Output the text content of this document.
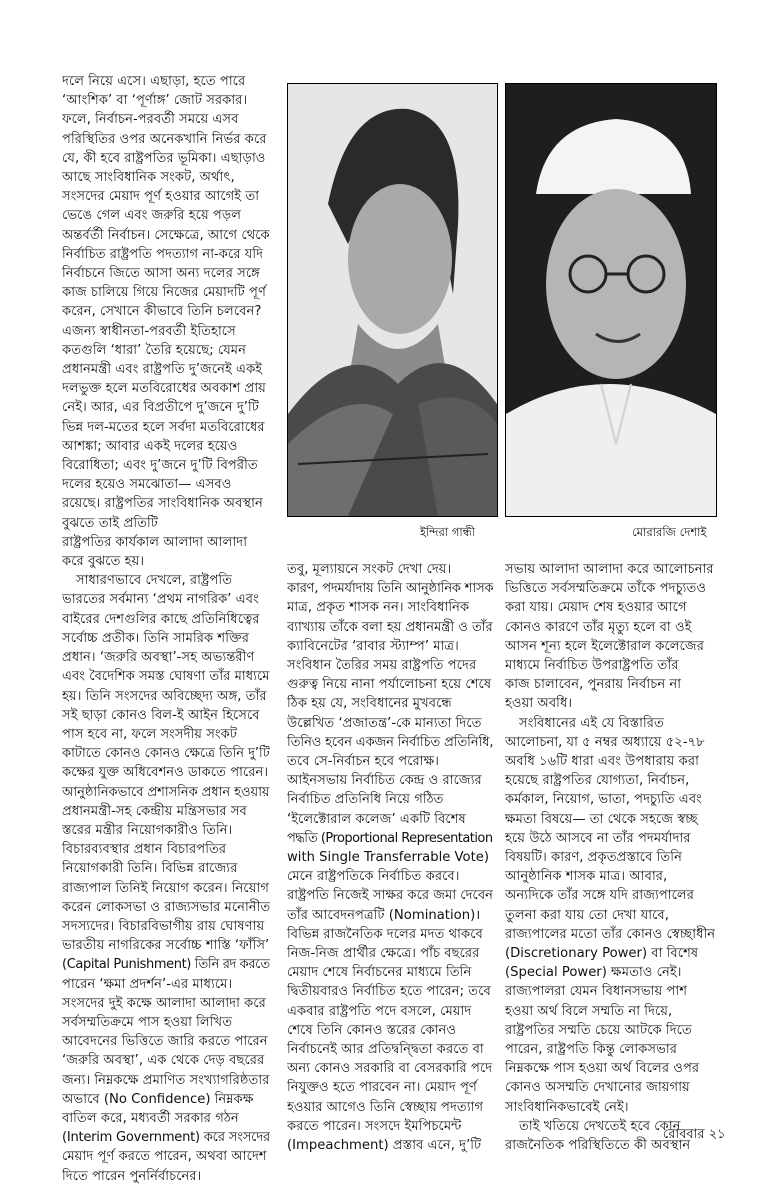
দলে নিয়ে এসে। এছাড়া, হতে পারে
‘আংশিক’ বা ‘পূর্ণাঙ্গ’ জোট সরকার।
ফলে, নির্বাচন-পরবর্তী সময়ে এসব
পরিস্থিতির ওপর অনেকখানি নির্ভর করে
যে, কী হবে রাষ্ট্রপতির ভূমিকা। এছাড়াও
আছে সাংবিধানিক সংকট, অর্থাৎ,
সংসদের মেয়াদ পূর্ণ হওয়ার আগেই তা
ভেঙে গেল এবং জরুরি হয়ে পড়ল
অন্তর্বর্তী নির্বাচন। সেক্ষেত্রে, আগে থেকে
নির্বাচিত রাষ্ট্রপতি পদত্যাগ না-করে যদি
নির্বাচনে জিতে আসা অন্য দলের সঙ্গে
কাজ চালিয়ে গিয়ে নিজের মেয়াদটি পূর্ণ
করেন, সেখানে কীভাবে তিনি চলবেন?
এজন্য স্বাধীনতা-পরবর্তী ইতিহাসে
কতগুলি ‘ধারা’ তৈরি হয়েছে; যেমন
প্রধানমন্ত্রী এবং রাষ্ট্রপতি দু’জনেই একই
দলভুক্ত হলে মতবিরোধের অবকাশ প্রায়
নেই। আর, এর বিপ্রতীপে দু’জনে দু’টি
ভিন্ন দল-মতের হলে সর্বদা মতবিরোধের
আশঙ্কা; আবার একই দলের হয়েও
বিরোধিতা; এবং দু’জনে দু’টি বিপরীত
দলের হয়েও সমঝোতা— এসবও
রয়েছে। রাষ্ট্রপতির সাংবিধানিক অবস্থান
বুঝতে তাই প্রতিটি
রাষ্ট্রপতির কার্যকাল আলাদা আলাদা
করে বুঝতে হয়।
সাধারণভাবে দেখলে, রাষ্ট্রপতি
ভারতের সর্বমান্য ‘প্রথম নাগরিক’ এবং
বাইরের দেশগুলির কাছে প্রতিনিধিত্বের
সর্বোচ্চ প্রতীক। তিনি সামরিক শক্তির
প্রধান। ‘জরুরি অবস্থা’-সহ অভ্যন্তরীণ
এবং বৈদেশিক সমস্ত ঘোষণা তাঁর মাধ্যমে
হয়। তিনি সংসদের অবিচ্ছেদ্য অঙ্গ, তাঁর
সই ছাড়া কোনও বিল-ই আইন হিসেবে
পাস হবে না, ফলে সংসদীয় সংকট
কাটাতে কোনও কোনও ক্ষেত্রে তিনি দু’টি
কক্ষের যুক্ত অধিবেশনও ডাকতে পারেন।
আনুষ্ঠানিকভাবে প্রশাসনিক প্রধান হওয়ায়
প্রধানমন্ত্রী-সহ কেন্দ্রীয় মন্ত্রিসভার সব
স্তরের মন্ত্রীর নিয়োগকারীও তিনি।
বিচারব্যবস্থার প্রধান বিচারপতির
নিয়োগকারী তিনি। বিভিন্ন রাজ্যের
রাজ্যপাল তিনিই নিয়োগ করেন। নিয়োগ
করেন লোকসভা ও রাজ্যসভার মনোনীত
সদস্যদের। বিচারবিভাগীয় রায় ঘোষণায়
ভারতীয় নাগরিকের সর্বোচ্চ শাস্তি ‘ফাঁসি’
(Capital Punishment) তিনি রদ করতে
পারেন ‘ক্ষমা প্রদর্শন’-এর মাধ্যমে।
সংসদের দুই কক্ষে আলাদা আলাদা করে
সর্বসম্মতিক্রমে পাস হওয়া লিখিত
আবেদনের ভিত্তিতে জারি করতে পারেন
‘জরুরি অবস্থা’, এক থেকে দেড় বছরের
জন্য। নিম্নকক্ষে প্রমাণিত সংখ্যাগরিষ্ঠতার
অভাবে (No Confidence) নিম্নকক্ষ
বাতিল করে, মধ্যবর্তী সরকার গঠন
(Interim Government) করে সংসদের
মেয়াদ পূর্ণ করতে পারেন, অথবা আদেশ
দিতে পারেন পুনর্নির্বাচনের।
ইন্দিরা গান্ধী	মোরারজি দেশাই
তবু, মূল্যায়নে সংকট দেখা দেয়।
কারণ, পদমর্যাদায় তিনি আনুষ্ঠানিক শাসক
মাত্র, প্রকৃত শাসক নন। সাংবিধানিক
ব্যাখ্যায় তাঁকে বলা হয় প্রধানমন্ত্রী ও তাঁর
ক্যাবিনেটের ‘রাবার স্ট্যাম্প’ মাত্র।
সংবিধান তৈরির সময় রাষ্ট্রপতি পদের
গুরুত্ব নিয়ে নানা পর্যালোচনা হয়ে শেষে
ঠিক হয় যে, সংবিধানের মুখবন্ধে
উল্লেখিত ‘প্রজাতন্ত্র’-কে মান্যতা দিতে
তিনিও হবেন একজন নির্বাচিত প্রতিনিধি,
তবে সে-নির্বাচন হবে পরোক্ষ।
আইনসভায় নির্বাচিত কেন্দ্র ও রাজ্যের
নির্বাচিত প্রতিনিধি নিয়ে গঠিত
‘ইলেক্টোরাল কলেজ’ একটি বিশেষ
পদ্ধতি (Proportional Representation
with Single Transferrable Vote)
মেনে রাষ্ট্রপতিকে নির্বাচিত করবে।
রাষ্ট্রপতি নিজেই সাক্ষর করে জমা দেবেন
তাঁর আবেদনপত্রটি (Nomination)।
বিভিন্ন রাজনৈতিক দলের মদত থাকবে
নিজ-নিজ প্রার্থীর ক্ষেত্রে। পাঁচ বছরের
মেয়াদ শেষে নির্বাচনের মাধ্যমে তিনি
দ্বিতীয়বারও নির্বাচিত হতে পারেন; তবে
একবার রাষ্ট্রপতি পদে বসলে, মেয়াদ
শেষে তিনি কোনও স্তরের কোনও
নির্বাচনেই আর প্রতিদ্বন্দ্বিতা করতে বা
অন্য কোনও সরকারি বা বেসরকারি পদে
নিযুক্তও হতে পারবেন না। মেয়াদ পূর্ণ
হওয়ার আগেও তিনি স্বেচ্ছায় পদত্যাগ
করতে পারেন। সংসদে ইমপিচমেন্ট
(Impeachment) প্রস্তাব এনে, দু’টি
সভায় আলাদা আলাদা করে আলোচনার
ভিত্তিতে সর্বসম্মতিক্রমে তাঁকে পদচ্যুতও
করা যায়। মেয়াদ শেষ হওয়ার আগে
কোনও কারণে তাঁর মৃত্যু হলে বা ওই
আসন শূন্য হলে ইলেক্টোরাল কলেজের
মাধ্যমে নির্বাচিত উপরাষ্ট্রপতি তাঁর
কাজ চালাবেন, পুনরায় নির্বাচন না
হওয়া অবধি।
সংবিধানের এই যে বিস্তারিত
আলোচনা, যা ৫ নম্বর অধ্যায়ে ৫২-৭৮
অবধি ১৬টি ধারা এবং উপধারায় করা
হয়েছে রাষ্ট্রপতির যোগ্যতা, নির্বাচন,
কর্মকাল, নিয়োগ, ভাতা, পদচ্যুতি এবং
ক্ষমতা বিষয়ে— তা থেকে সহজে স্বচ্ছ
হয়ে উঠে আসবে না তাঁর পদমর্যাদার
বিষয়টি। কারণ, প্রকৃতপ্রস্তাবে তিনি
আনুষ্ঠানিক শাসক মাত্র। আবার,
অন্যদিকে তাঁর সঙ্গে যদি রাজ্যপালের
তুলনা করা যায় তো দেখা যাবে,
রাজ্যপালের মতো তাঁর কোনও স্বেচ্ছাধীন
(Discretionary Power) বা বিশেষ
(Special Power) ক্ষমতাও নেই।
রাজ্যপালরা যেমন বিধানসভায় পাশ
হওয়া অর্থ বিলে সম্মতি না দিয়ে,
রাষ্ট্রপতির সম্মতি চেয়ে আটকে দিতে
পারেন, রাষ্ট্রপতি কিন্তু লোকসভার
নিম্নকক্ষে পাস হওয়া অর্থ বিলের ওপর
কোনও অসম্মতি দেখানোর জায়গায়
সাংবিধানিকভাবেই নেই।
তাই খতিয়ে দেখতেই হবে কোন
রাজনৈতিক পরিস্থিতিতে কী অবস্থান
রোববার ২১
